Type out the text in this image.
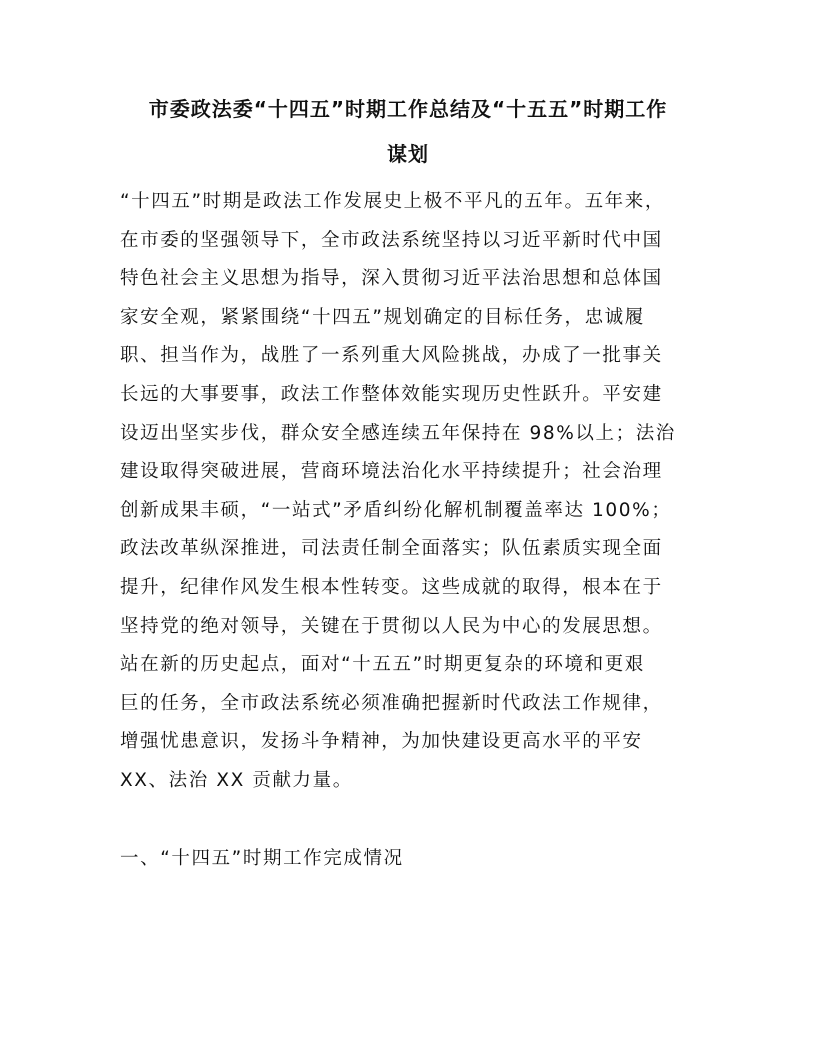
市委政法委“十四五”时期工作总结及“十五五”时期工作
谋划
“十四五”时期是政法工作发展史上极不平凡的五年。五年来，
在市委的坚强领导下，全市政法系统坚持以习近平新时代中国
特色社会主义思想为指导，深入贯彻习近平法治思想和总体国
家安全观，紧紧围绕“十四五”规划确定的目标任务，忠诚履
职、担当作为，战胜了一系列重大风险挑战，办成了一批事关
长远的大事要事，政法工作整体效能实现历史性跃升。平安建
设迈出坚实步伐，群众安全感连续五年保持在 98%以上；法治
建设取得突破进展，营商环境法治化水平持续提升；社会治理
创新成果丰硕，“一站式”矛盾纠纷化解机制覆盖率达 100%；
政法改革纵深推进，司法责任制全面落实；队伍素质实现全面
提升，纪律作风发生根本性转变。这些成就的取得，根本在于
坚持党的绝对领导，关键在于贯彻以人民为中心的发展思想。
站在新的历史起点，面对“十五五”时期更复杂的环境和更艰
巨的任务，全市政法系统必须准确把握新时代政法工作规律，
增强忧患意识，发扬斗争精神，为加快建设更高水平的平安
XX、法治 XX 贡献力量。
一、“十四五”时期工作完成情况
